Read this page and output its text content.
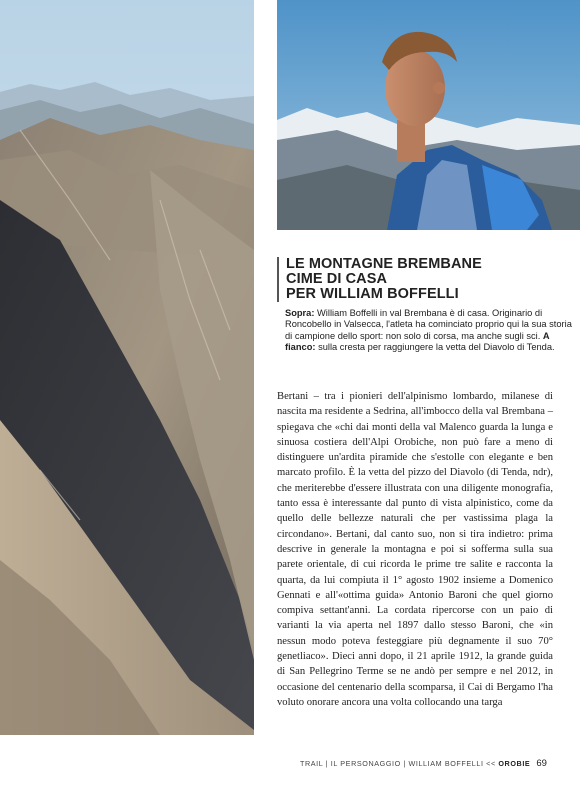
LE MONTAGNE BREMBANE
CIME DI CASA
PER WILLIAM BOFFELLI
Sopra: William Boffelli in val Brembana è di casa. Originario di Roncobello in Valsecca, l'atleta ha cominciato proprio qui la sua storia di campione dello sport: non solo di corsa, ma anche sugli sci. A fianco: sulla cresta per raggiungere la vetta del Diavolo di Tenda.
Bertani – tra i pionieri dell'alpinismo lombardo, milanese di nascita ma residente a Sedrina, all'imbocco della val Brembana – spiegava che «chi dai monti della val Malenco guarda la lunga e sinuosa costiera dell'Alpi Orobiche, non può fare a meno di distinguere un'ardita piramide che s'estolle con elegante e ben marcato profilo. È la vetta del pizzo del Diavolo (di Tenda, ndr), che meriterebbe d'essere illustrata con una diligente monografia, tanto essa è interessante dal punto di vista alpinistico, come da quello delle bellezze naturali che per vastissima plaga la circondano». Bertani, dal canto suo, non si tira indietro: prima descrive in generale la montagna e poi si sofferma sulla sua parete orientale, di cui ricorda le prime tre salite e racconta la quarta, da lui compiuta il 1° agosto 1902 insieme a Domenico Gennati e all'«ottima guida» Antonio Baroni che quel giorno compiva settant'anni. La cordata ripercorse con un paio di varianti la via aperta nel 1897 dallo stesso Baroni, che «in nessun modo poteva festeggiare più degnamente il suo 70° genetliaco». Dieci anni dopo, il 21 aprile 1912, la grande guida di San Pellegrino Terme se ne andò per sempre e nel 2012, in occasione del centenario della scomparsa, il Cai di Bergamo l'ha voluto onorare ancora una volta collocando una targa
TRAIL | IL PERSONAGGIO | WILLIAM BOFFELLI << OROBIE 69
